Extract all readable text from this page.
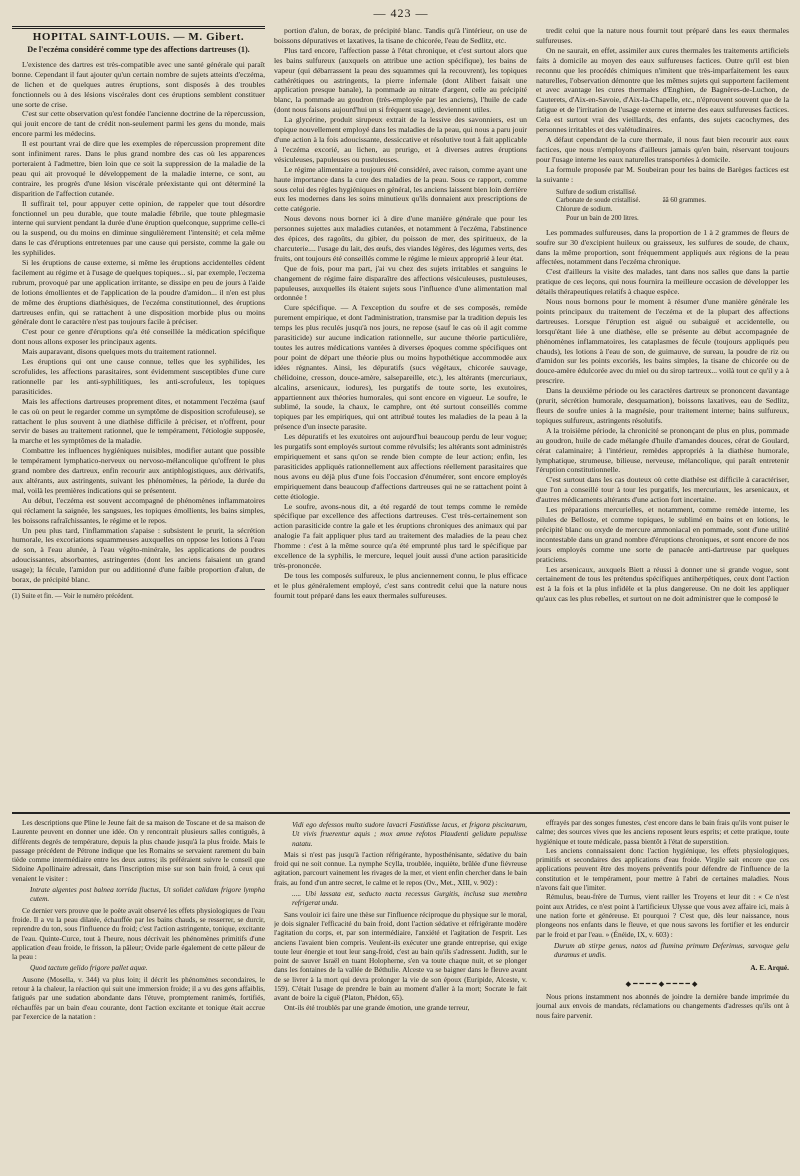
— 423 —
HOPITAL SAINT-LOUIS. — M. Gibert.
De l'eczéma considéré comme type des affections dartreuses (1).

L'existence des dartres est très-compatible avec une santé générale qui paraît bonne. Cependant il faut ajouter qu'un certain nombre de sujets atteints d'eczéma, de lichen et de quelques autres éruptions, sont disposés à des troubles fonctionnels ou à des lésions viscérales dont ces éruptions semblent constituer une sorte de crise.

C'est sur cette observation qu'est fondée l'ancienne doctrine de la répercussion, qui jouit encore de tant de crédit non-seulement parmi les gens du monde, mais encore parmi les médecins.

Il est pourtant vrai de dire que les exemples de répercussion proprement dite sont infiniment rares. Dans le plus grand nombre des cas où les apparences porteraient à l'admettre, bien loin que ce soit la suppression de la maladie de la peau qui ait provoqué le développement de la maladie interne, ce sont, au contraire, les progrès d'une lésion viscérale préexistante qui ont déterminé la disparition de l'affection cutanée.

Il suffirait tel, pour appuyer cette opinion, de rappeler que tout désordre fonctionnel un peu durable, que toute maladie fébrile, que toute phlegmasie interne qui survient pendant la durée d'une éruption quelconque, supprime celle-ci ou la suspend, ou du moins en diminue singulièrement l'intensité; et cela même dans le cas d'éruptions entretenues par une cause qui persiste, comme la gale ou les syphilides.

Si les éruptions de cause externe, si même les éruptions accidentelles cèdent facilement au régime et à l'usage de quelques topiques... si, par exemple, l'eczema rubrum, provoqué par une application irritante, se dissipe en peu de jours à l'aide de lotions émollientes et de l'application de la poudre d'amidon... il n'en est plus de même des éruptions diathésiques, de l'eczéma constitutionnel, des éruptions dartreuses enfin, qui se rattachent à une disposition morbide plus ou moins générale dont le caractère n'est pas toujours facile à préciser.

C'est pour ce genre d'éruptions qu'a été conseillée la médication spécifique dont nous allons exposer les principaux agents.

Mais auparavant, disons quelques mots du traitement rationnel.

Les éruptions qui ont une cause connue, telles que les syphilides, les scrofulides, les affections parasitaires, sont évidemment susceptibles d'une cure rationnelle par les anti-syphilitiques, les anti-scrofuleux, les topiques parasiticides.

Mais les affections dartreuses proprement dites, et notamment l'eczéma (sauf le cas où on peut le regarder comme un symptôme de disposition scrofuleuse), se rattachent le plus souvent à une diathèse difficile à préciser, et n'offrent, pour servir de bases au traitement rationnel, que le tempérament, l'étiologie supposée, la marche et les symptômes de la maladie.

Combattre les influences hygiéniques nuisibles, modifier autant que possible le tempérament lymphatico-nerveux ou nervoso-mélancolique qu'offrent le plus grand nombre des dartreux, enfin recourir aux antiphlogistiques, aux dérivatifs, aux altérants, aux astringents, suivant les phénomènes, la période, la durée du mal, voilà les premières indications qui se présentent.

Au début, l'eczéma est souvent accompagné de phénomènes inflammatoires qui réclament la saignée, les sangsues, les topiques émollients, les bains simples, les boissons rafraîchissantes, le régime et le repos.

Un peu plus tard, l'inflammation s'apaise : subsistent le prurit, la sécrétion humorale, les excoriations squammeuses auxquelles on oppose les lotions à l'eau de son, à l'eau alunée, à l'eau végéto-minérale, les applications de poudres adoucissantes, absorbantes, astringentes (dont les anciens faisaient un grand usage); la fécule, l'amidon pur ou additionné d'une faible proportion d'alun, de borax, de précipité blanc.

(1) Suite et fin. — Voir le numéro précédent.

portion d'alun, de borax, de précipité blanc. Tandis qu'à l'intérieur, on use de boissons dépuratives et laxatives, la tisane de chicorée, l'eau de Sedlitz, etc.

Plus tard encore, l'affection passe à l'état chronique, et c'est surtout alors que les bains sulfureux (auxquels on attribue une action spécifique), les bains de vapeur (qui débarrassent la peau des squammes qui la recouvrent), les topiques cathérétiques ou astringents, la pierre infernale (dont Alibert faisait une application presque banale), la pommade au nitrate d'argent, celle au précipité blanc, la pommade au goudron (très-employée par les anciens), l'huile de cade (dont nous faisons aujourd'hui un si fréquent usage), deviennent utiles.

La glycérine, produit sirupeux extrait de la lessive des savonniers, est un topique nouvellement employé dans les maladies de la peau, qui nous a paru jouir d'une action à la fois adoucissante, dessiccative et résolutive tout à fait applicable à l'eczéma excorié, au lichen, au prurigo, et à diverses autres éruptions vésiculeuses, papuleuses ou pustuleuses.

Le régime alimentaire a toujours été considéré, avec raison, comme ayant une haute importance dans la cure des maladies de la peau. Sous ce rapport, comme sous celui des règles hygiéniques en général, les anciens laissent bien loin derrière eux les modernes dans les soins minutieux qu'ils donnaient aux prescriptions de cette catégorie.

Nous devons nous borner ici à dire d'une manière générale que pour les personnes sujettes aux maladies cutanées, et notamment à l'eczéma, l'abstinence des épices, des ragoûts, du gibier, du poisson de mer, des spiritueux, de la charcuterie.... l'usage du lait, des œufs, des viandes légères, des légumes verts, des fruits, ont toujours été conseillés comme le régime le mieux approprié à leur état.

Que de fois, pour ma part, j'ai vu chez des sujets irritables et sanguins le changement de régime faire disparaître des affections vésiculeuses, pustuleuses, papuleuses, auxquelles ils étaient sujets sous l'influence d'une alimentation mal ordonnée !

Cure spécifique. — A l'exception du soufre et de ses composés, remède purement empirique, et dont l'administration, transmise par la tradition depuis les temps les plus reculés jusqu'à nos jours, ne repose (sauf le cas où il agit comme parasiticide) sur aucune indication rationnelle, sur aucune théorie particulière, toutes les autres médications vantées à diverses époques comme spécifiques ont pour point de départ une théorie plus ou moins hypothétique accommodée aux idées régnantes. Ainsi, les dépuratifs (sucs végétaux, chicorée sauvage, chélidoine, cresson, douce-amère, salsepareille, etc.), les altérants (mercuriaux, alcalins, arsenicaux, iodures), les purgatifs de toute sorte, les exutoires, appartiennent aux théories humorales, qui sont encore en vigueur. Le soufre, le sublimé, la soude, la chaux, le camphre, ont été surtout conseillés comme topiques par les empiriques, qui ont attribué toutes les maladies de la peau à la présence d'un insecte parasite.

Les dépuratifs et les exutoires ont aujourd'hui beaucoup perdu de leur vogue; les purgatifs sont employés surtout comme révulsifs; les altérants sont administrés empiriquement et sans qu'on se rende bien compte de leur action; enfin, les parasiticides appliqués rationnellement aux affections réellement parasitaires que nous avons eu déjà plus d'une fois l'occasion d'énumérer, sont encore employés empiriquement dans beaucoup d'affections dartreuses qui ne se rattachent point à cette étiologie.

Le soufre, avons-nous dit, a été regardé de tout temps comme le remède spécifique par excellence des affections dartreuses. C'est très-certainement son action parasiticide contre la gale et les éruptions chroniques des animaux qui par analogie l'a fait appliquer plus tard au traitement des maladies de la peau chez l'homme : c'est à la même source qu'a été emprunté plus tard le spécifique par excellence de la syphilis, le mercure, lequel jouit aussi d'une action parasiticide très-prononcée.

De tous les composés sulfureux, le plus anciennement connu, le plus efficace et le plus généralement employé, c'est sans contredit celui que la nature nous fournit tout préparé dans les eaux thermales sulfureuses.

tredit celui que la nature nous fournit tout préparé dans les eaux thermales sulfureuses.

On ne saurait, en effet, assimiler aux cures thermales les traitements artificiels faits à domicile au moyen des eaux sulfureuses factices. Outre qu'il est bien reconnu que les procédés chimiques n'imitent que très-imparfaitement les eaux naturelles, l'observation démontre que les mêmes sujets qui supportent facilement et avec avantage les cures thermales d'Enghien, de Bagnères-de-Luchon, de Cauterets, d'Aix-en-Savoie, d'Aix-la-Chapelle, etc., n'éprouvent souvent que de la fatigue et de l'irritation de l'usage externe et interne des eaux sulfureuses factices. Cela est surtout vrai des vieillards, des enfants, des sujets cacochymes, des personnes irritables et des valétudinaires.

A défaut cependant de la cure thermale, il nous faut bien recourir aux eaux factices, que nous n'employons d'ailleurs jamais qu'en bain, réservant toujours pour l'usage interne les eaux naturelles transportées à domicile.

La formule proposée par M. Soubeiran pour les bains de Barèges factices est la suivante :

Sulfure de sodium cristallisé.
Carbonate de soude cristallisé.	ââ 60 grammes.
Chlorure de sodium.
Pour un bain de 200 litres.

Les pommades sulfureuses, dans la proportion de 1 à 2 grammes de fleurs de soufre sur 30 d'excipient huileux ou graisseux, les sulfures de soude, de chaux, dans la même proportion, sont fréquemment appliqués aux régions de la peau affectées, notamment dans l'eczéma chronique.

C'est d'ailleurs la visite des malades, tant dans nos salles que dans la partie pratique de ces leçons, qui nous fournira la meilleure occasion de développer les détails thérapeutiques relatifs à chaque espèce.

Nous nous bornons pour le moment à résumer d'une manière générale les points principaux du traitement de l'eczéma et de la plupart des affections dartreuses. Lorsque l'éruption est aiguë ou subaiguë et accidentelle, ou lorsqu'étant liée à une diathèse, elle se présente au début accompagnée de phénomènes inflammatoires, les cataplasmes de fécule (toujours appliqués peu chauds), les lotions à l'eau de son, de guimauve, de sureau, la poudre de riz ou d'amidon sur les points excoriés, les bains simples, la tisane de chicorée ou de douce-amère édulcorée avec du miel ou du sirop tartreux... voilà tout ce qu'il y a à prescrire.

Dans la deuxième période ou les caractères dartreux se prononcent davantage (prurit, sécrétion humorale, desquamation), boissons laxatives, eau de Sedlitz, fleurs de soufre unies à la magnésie, pour traitement interne; bains sulfureux, topiques sulfureux, astringents résolutifs.

A la troisième période, la chronicité se prononçant de plus en plus, pommade au goudron, huile de cade mélangée d'huile d'amandes douces, cérat de Goulard, cérat calaminaire; à l'intérieur, remèdes appropriés à la diathèse humorale, lymphatique, strumeuse, bilieuse, nerveuse, mélancolique, qui paraît entretenir l'éruption constitutionnelle.

C'est surtout dans les cas douteux où cette diathèse est difficile à caractériser, que l'on a conseillé tour à tour les purgatifs, les mercuriaux, les arsenicaux, et d'autres médicaments altérants d'une action fort incertaine.

Les préparations mercurielles, et notamment, comme remède interne, les pilules de Belloste, et comme topiques, le sublimé en bains et en lotions, le précipité blanc ou oxyde de mercure ammoniacal en pommade, sont d'une utilité incontestable dans un grand nombre d'éruptions chroniques, et sont encore de nos jours employés comme une sorte de panacée anti-dartreuse par quelques praticiens.

Les arsenicaux, auxquels Biett a réussi à donner une si grande vogue, sont certainement de tous les prétendus spécifiques antiherpétiques, ceux dont l'action est à la fois et la plus infidèle et la plus dangereuse. On ne doit les appliquer qu'aux cas les plus rebelles, et surtout on ne doit administrer que le composé le

Les descriptions que Pline le Jeune fait de sa maison de Toscane et de sa maison de Laurente peuvent en donner une idée. On y rencontrait plusieurs salles contiguës, à différents degrés de température, depuis la plus chaude jusqu'à la plus froide. Mais le passage précédent de Pétrone indique que les Romains se servaient rarement du bain tiède comme intermédiaire entre les deux autres; ils préféraient suivre le conseil que Sidoine Apollinaire adressait, dans l'inscription mise sur son bain froid, à ceux qui venaient le visiter :

Intrate algentes post balnea torrida fluctus, Ut solidet calidam frigore lympha cutem.

Ce dernier vers prouve que le poète avait observé les effets physiologiques de l'eau froide. Il a vu la peau dilatée, échauffée par les bains chauds, se resserrer, se durcir, reprendre du ton, sous l'influence du froid; c'est l'action astringente, tonique, excitante de l'eau. Quinte-Curce, tout à l'heure, nous décrivait les phénomènes primitifs d'une application d'eau froide, le frisson, la pâleur; Ovide parle également de cette pâleur de la peau :

Quod tactum gelido frigore pallet aquæ.

Ausone (Mosella, v. 344) va plus loin; il décrit les phénomènes secondaires, le retour à la chaleur, la réaction qui suit une immersion froide; il a vu des gens affaiblis, fatigués par une sudation abondante dans l'étuve, promptement ranimés, fortifiés, réchauffés par un bain d'eau courante, dont l'action excitante et tonique était accrue par l'exercice de la natation :

Vidi ego defessos multo sudore lavacri Fastidisse lacus, et frigora piscinarum, Ut vivis fruerentur aquis ; mox amne refotos Plaudenti gelidum pepulisse natatu.

Mais si n'est pas jusqu'à l'action réfrigérante, hyposthénisante, sédative du bain froid qui ne soit connue. La nymphe Scylla, troublée, inquiète, brûlée d'une fiévreuse agitation, parcourt vainement les rivages de la mer, et vient enfin chercher dans le bain frais, au fond d'un antre secret, le calme et le repos (Ov., Met., XIII, v. 902) :

..... Ubi lassata est, seducto nacta recessus Gurgitis, inclusa sua membra refrigerat unda.

Sans vouloir ici faire une thèse sur l'influence réciproque du physique sur le moral, je dois signaler l'efficacité du bain froid, dont l'action sédative et réfrigérante modère l'agitation du corps, et, par son intermédiaire, l'anxiété et l'agitation de l'esprit. Les anciens l'avaient bien compris. Veulent-ils exécuter une grande entreprise, qui exige toute leur énergie et tout leur sang-froid, c'est au bain qu'ils s'adressent. Judith, sur le point de sauver Israël en tuant Holopherne, s'en va toute chaque nuit, et se plonger dans les fontaines de la vallée de Béthulie. Alceste va se baigner dans le fleuve avant de se livrer à la mort qui devra prolonger la vie de son époux (Euripide, Alceste, v. 159). C'était l'usage de prendre le bain au moment d'aller à la mort; Socrate le fait avant de boire la ciguë (Platon, Phédon, 65).

Ont-ils été troublés par une grande émotion, une grande terreur,

effrayés par des songes funestes, c'est encore dans le bain frais qu'ils vont puiser le calme; des sources vives que les anciens reposent leurs esprits; et cette pratique, toute hygiénique et toute médicale, passa bientôt à l'état de superstition.

Les anciens connaissaient donc l'action hygiénique, les effets physiologiques, primitifs et secondaires des applications d'eau froide. Virgile sait encore que ces applications peuvent être des moyens préventifs pour défendre de l'influence de la constitution et le tempérament, pour mettre à l'abri de certaines maladies. Nous n'avons fait que l'imiter.

Rémulus, beau-frère de Turnus, vient railler les Troyens et leur dit : « Ce n'est point aux Atrides, ce n'est point à l'artificieux Ulysse que vous avez affaire ici, mais à une nation forte et généreuse. Et pourquoi ? C'est que, dès leur naissance, nous plongeons nos enfants dans le fleuve, et que nous savons les fortifier et les endurcir par le froid et par l'eau. » (Énéide, IX, v. 603) :

Durum ab stirpe genus, natos ad flumina primum Deferimus, sævoque gelu duramus et undis.
A. E. Arqué.
◆━━━━◆━━━━◆

Nous prions instamment nos abonnés de joindre la dernière bande imprimée du journal aux envois de mandats, réclamations ou changements d'adresses qu'ils ont à nous faire parvenir.
